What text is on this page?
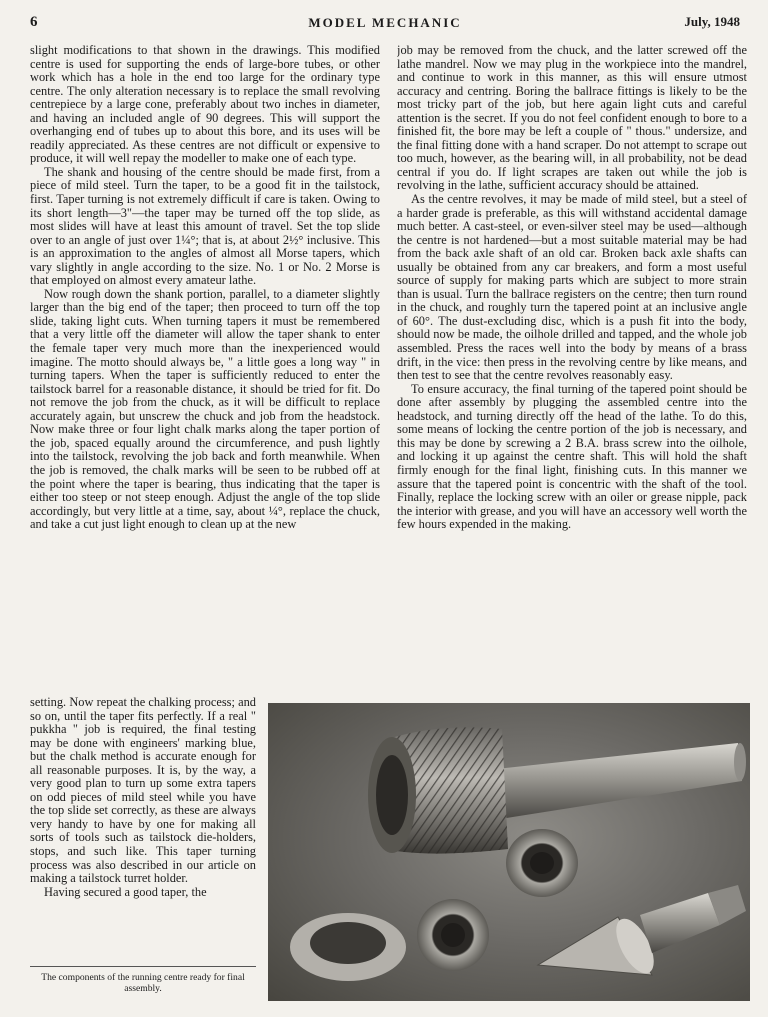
6	MODEL MECHANIC	July, 1948

slight modifications to that shown in the drawings. This modified centre is used for supporting the ends of large-bore tubes, or other work which has a hole in the end too large for the ordinary type centre. The only alteration necessary is to replace the small revolving centrepiece by a large cone, preferably about two inches in diameter, and having an included angle of 90 degrees. This will support the overhanging end of tubes up to about this bore, and its uses will be readily appreciated. As these centres are not difficult or expensive to produce, it will well repay the modeller to make one of each type.

The shank and housing of the centre should be made first, from a piece of mild steel. Turn the taper, to be a good fit in the tailstock, first. Taper turning is not extremely difficult if care is taken. Owing to its short length—3"—the taper may be turned off the top slide, as most slides will have at least this amount of travel. Set the top slide over to an angle of just over 1¼°; that is, at about 2½° inclusive. This is an approximation to the angles of almost all Morse tapers, which vary slightly in angle according to the size. No. 1 or No. 2 Morse is that employed on almost every amateur lathe.

Now rough down the shank portion, parallel, to a diameter slightly larger than the big end of the taper; then proceed to turn off the top slide, taking light cuts. When turning tapers it must be remembered that a very little off the diameter will allow the taper shank to enter the female taper very much more than the inexperienced would imagine. The motto should always be, " a little goes a long way " in turning tapers. When the taper is sufficiently reduced to enter the tailstock barrel for a reasonable distance, it should be tried for fit. Do not remove the job from the chuck, as it will be difficult to replace accurately again, but unscrew the chuck and job from the headstock. Now make three or four light chalk marks along the taper portion of the job, spaced equally around the circumference, and push lightly into the tailstock, revolving the job back and forth meanwhile. When the job is removed, the chalk marks will be seen to be rubbed off at the point where the taper is bearing, thus indicating that the taper is either too steep or not steep enough. Adjust the angle of the top slide accordingly, but very little at a time, say, about ¼°, replace the chuck, and take a cut just light enough to clean up at the new

setting. Now repeat the chalking process; and so on, until the taper fits perfectly. If a real " pukkha " job is required, the final testing may be done with engineers' marking blue, but the chalk method is accurate enough for all reasonable purposes. It is, by the way, a very good plan to turn up some extra tapers on odd pieces of mild steel while you have the top slide set correctly, as these are always very handy to have by one for making all sorts of tools such as tailstock die-holders, stops, and such like. This taper turning process was also described in our article on making a tailstock turret holder.

Having secured a good taper, the

job may be removed from the chuck, and the latter screwed off the lathe mandrel. Now we may plug in the workpiece into the mandrel, and continue to work in this manner, as this will ensure utmost accuracy and centring. Boring the ballrace fittings is likely to be the most tricky part of the job, but here again light cuts and careful attention is the secret. If you do not feel confident enough to bore to a finished fit, the bore may be left a couple of " thous." undersize, and the final fitting done with a hand scraper. Do not attempt to scrape out too much, however, as the bearing will, in all probability, not be dead central if you do. If light scrapes are taken out while the job is revolving in the lathe, sufficient accuracy should be attained.

As the centre revolves, it may be made of mild steel, but a steel of a harder grade is preferable, as this will withstand accidental damage much better. A cast-steel, or even-silver steel may be used—although the centre is not hardened—but a most suitable material may be had from the back axle shaft of an old car. Broken back axle shafts can usually be obtained from any car breakers, and form a most useful source of supply for making parts which are subject to more strain than is usual. Turn the ballrace registers on the centre; then turn round in the chuck, and roughly turn the tapered point at an inclusive angle of 60°. The dust-excluding disc, which is a push fit into the body, should now be made, the oilhole drilled and tapped, and the whole job assembled. Press the races well into the body by means of a brass drift, in the vice: then press in the revolving centre by like means, and then test to see that the centre revolves reasonably easy.

To ensure accuracy, the final turning of the tapered point should be done after assembly by plugging the assembled centre into the headstock, and turning directly off the head of the lathe. To do this, some means of locking the centre portion of the job is necessary, and this may be done by screwing a 2 B.A. brass screw into the oilhole, and locking it up against the centre shaft. This will hold the shaft firmly enough for the final light, finishing cuts. In this manner we assure that the tapered point is concentric with the shaft of the tool. Finally, replace the locking screw with an oiler or grease nipple, pack the interior with grease, and you will have an accessory well worth the few hours expended in the making.

The components of the running centre ready for final assembly.
